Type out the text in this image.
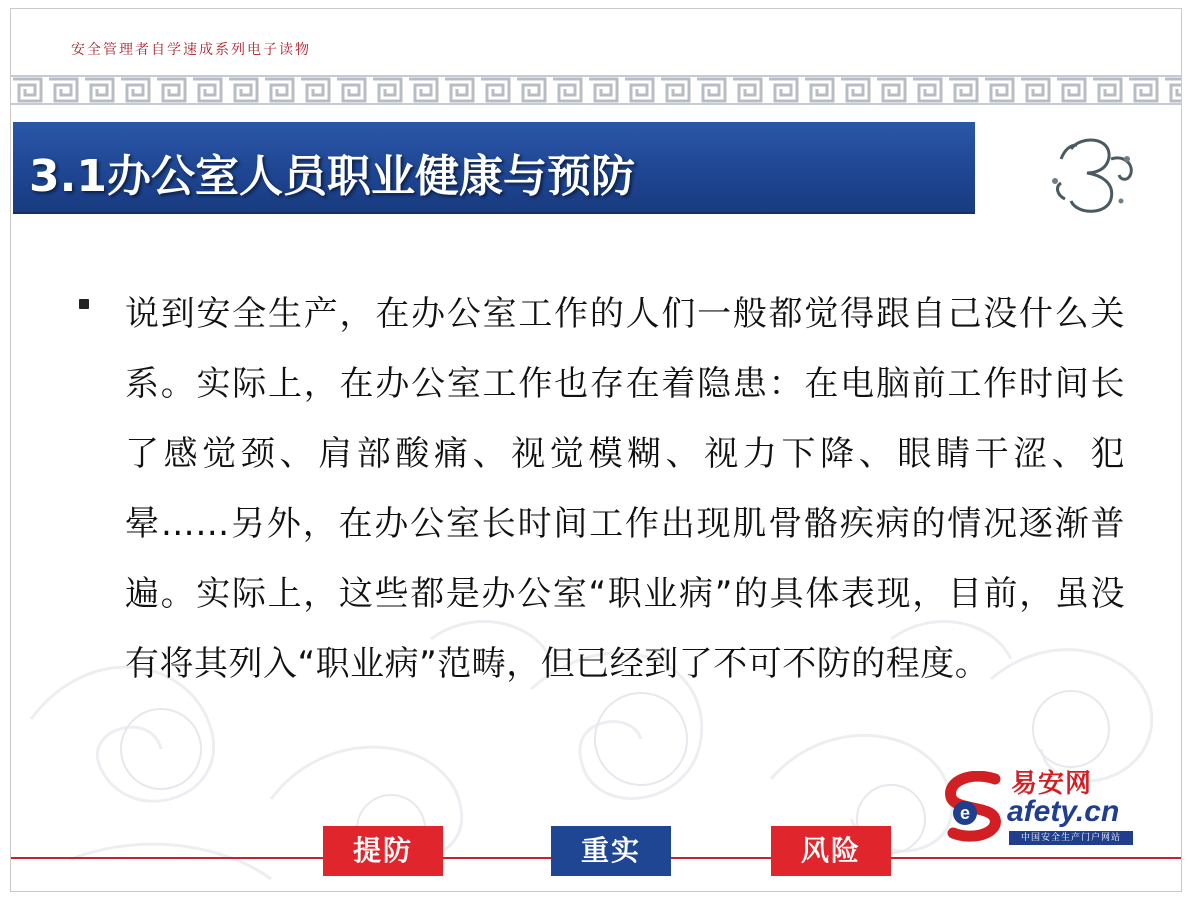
安全管理者自学速成系列电子读物
3.1办公室人员职业健康与预防
说到安全生产，在办公室工作的人们一般都觉得跟自己没什么关系。实际上，在办公室工作也存在着隐患：在电脑前工作时间长了感觉颈、肩部酸痛、视觉模糊、视力下降、眼睛干涩、犯晕……另外，在办公室长时间工作出现肌骨骼疾病的情况逐渐普遍。实际上，这些都是办公室“职业病”的具体表现，目前，虽没有将其列入“职业病”范畴，但已经到了不可不防的程度。
e
易安网
afety.cn
中国安全生产门户网站
提防	重实	风险
